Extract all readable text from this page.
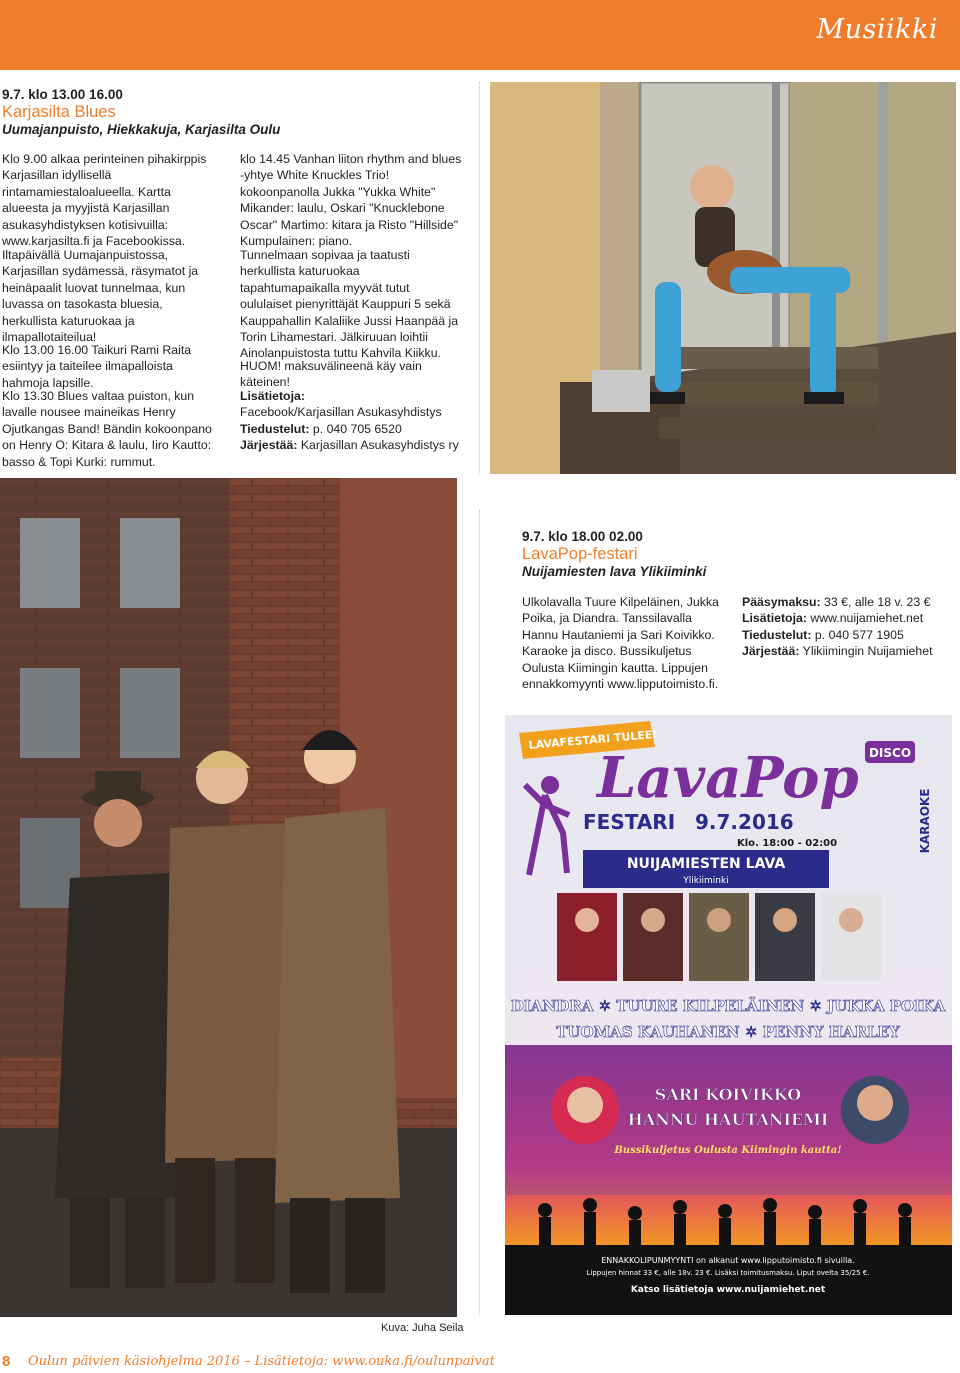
Musiikki
9.7. klo 13.00 16.00
Karjasilta Blues
Uumajanpuisto, Hiekkakuja, Karjasilta Oulu

Klo 9.00 alkaa perinteinen pihakirppis Karjasillan idyllisellä rintamamiestaloalueella. Kartta alueesta ja myyjistä Karjasillan asukasyhdistyksen kotisivuilla: www.karjasilta.fi ja Facebookissa.

Iltapäivällä Uumajanpuistossa, Karjasillan sydämessä, räsymatot ja heinäpaalit luovat tunnelmaa, kun luvassa on tasokasta bluesia, herkullista katuruokaa ja ilmapallotaiteilua!

Klo 13.00 16.00 Taikuri Rami Raita esiintyy ja taiteilee ilmapalloista hahmoja lapsille.

Klo 13.30 Blues valtaa puiston, kun lavalle nousee maineikas Henry Ojutkangas Band! Bändin kokoonpano on Henry O: Kitara & laulu, Iiro Kautto: basso & Topi Kurki: rummut.

klo 14.45 Vanhan liiton rhythm and blues -yhtye White Knuckles Trio! kokoonpanolla Jukka "Yukka White" Mikander: laulu, Oskari "Knucklebone Oscar" Martimo: kitara ja Risto "Hillside" Kumpulainen: piano.

Tunnelmaan sopivaa ja taatusti herkullista katuruokaa tapahtumapaikalla myyvät tutut oululaiset pienyrittäjät Kauppuri 5 sekä Kauppahallin Kalaliike Jussi Haanpää ja Torin Lihamestari. Jälkiruuan loihtii Ainolanpuistosta tuttu Kahvila Kiikku.

HUOM! maksuvälineenä käy vain käteinen!

Lisätietoja:
Facebook/Karjasillan Asukasyhdistys
Tiedustelut: p. 040 705 6520
Järjestää: Karjasillan Asukasyhdistys ry
Kuva: Juha Seila
9.7. klo 18.00 02.00
LavaPop-festari
Nuijamiesten lava Ylikiiminki

Ulkolavalla Tuure Kilpeläinen, Jukka Poika, ja Diandra. Tanssilavalla Hannu Hautaniemi ja Sari Koivikko. Karaoke ja disco. Bussikuljetus Oulusta Kiimingin kautta. Lippujen ennakkomyynti www.lipputoimisto.fi.

Pääsymaksu: 33 €, alle 18 v. 23 €
Lisätietoja: www.nuijamiehet.net
Tiedustelut: p. 040 577 1905
Järjestää: Ylikiimingin Nuijamiehet
LAVAFESTARI TULEE!
LavaPop
FESTARI 9.7.2016
Klo. 18:00 - 02:00
NUIJAMIESTEN LAVA
Ylikiiminki
DISCO
KARAOKE
DIANDRA ✶ TUURE KILPELÄINEN ✶ JUKKA POIKA
TUOMAS KAUHANEN ✶ PENNY HARLEY
SARI KOIVIKKO
HANNU HAUTANIEMI
Bussikuljetus Oulusta Kiimingin kautta!
ENNAKKOLIPUNMYYNTI on alkanut www.lipputoimisto.fi sivuilla.
Lippujen hinnat 33 €, alle 18v. 23 €. Lisäksi toimitusmaksu. Liput ovelta 35/25 €.
Katso lisätietoja www.nuijamiehet.net
8 Oulun päivien käsiohjelma 2016 – Lisätietoja: www.ouka.fi/oulunpaivat
